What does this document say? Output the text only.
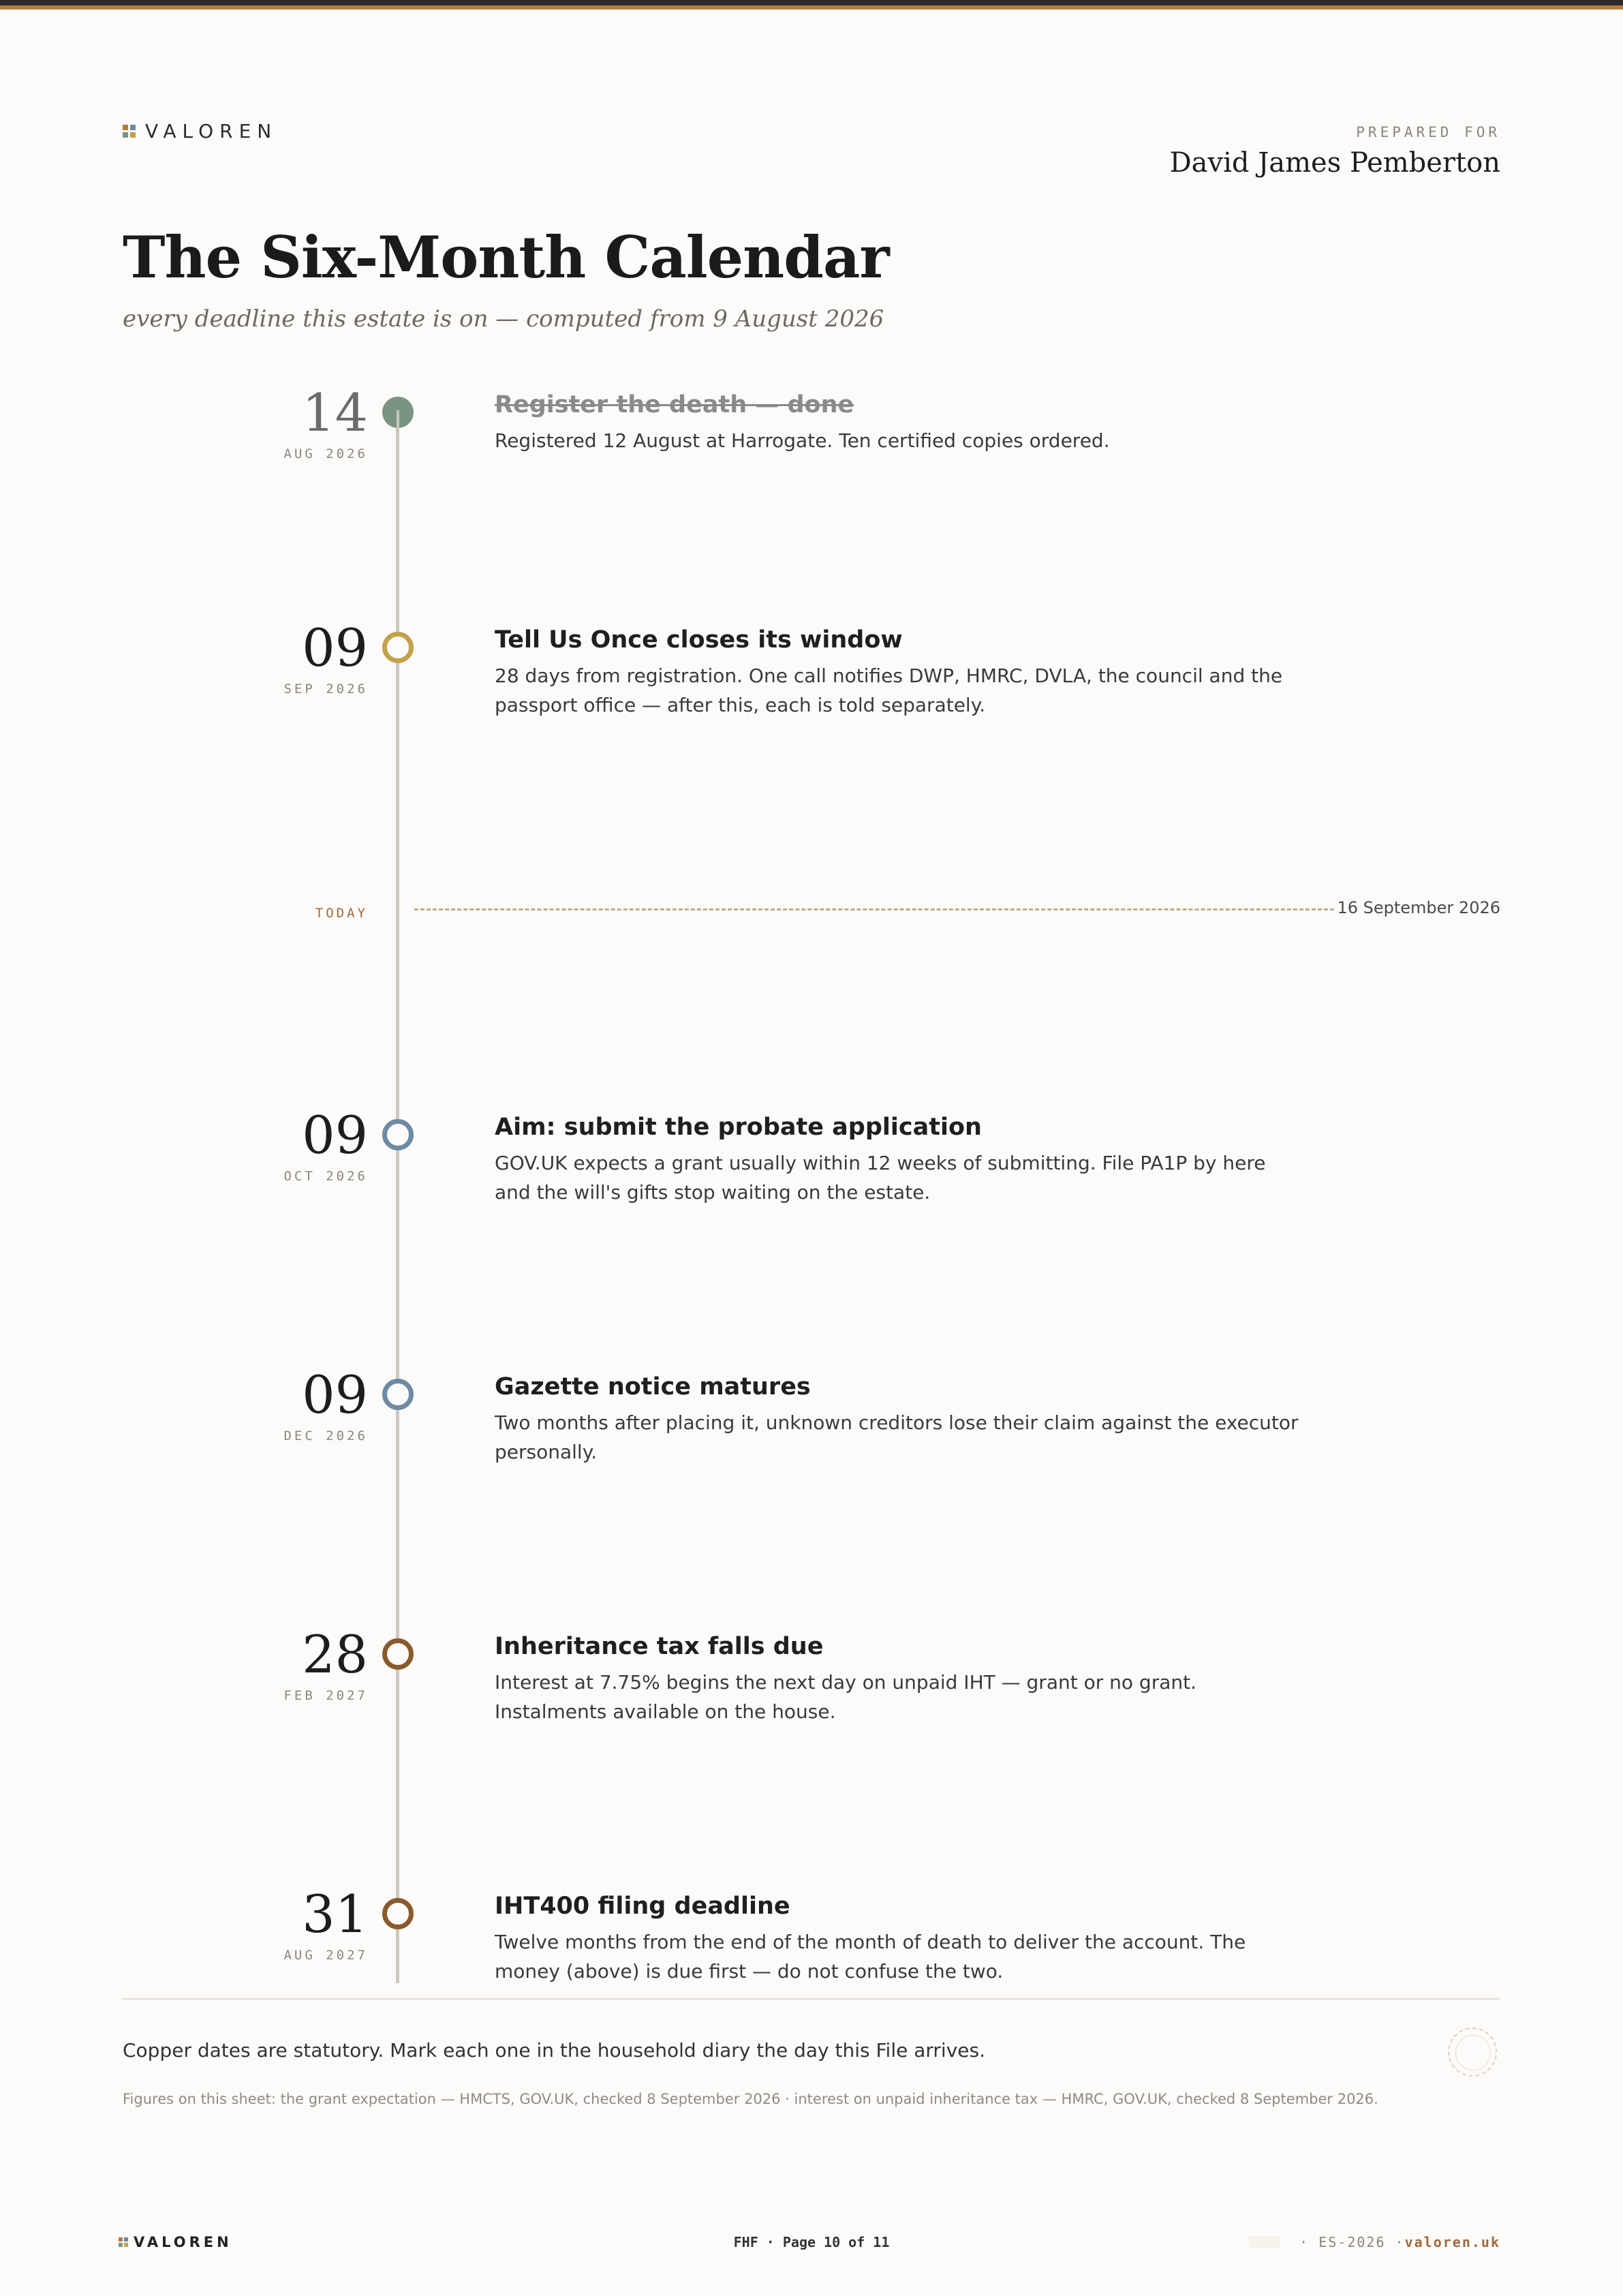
VALOREN	PREPARED FOR
David James Pemberton
The Six-Month Calendar
every deadline this estate is on — computed from 9 August 2026
14
AUG 2026
Register the death — done
Registered 12 August at Harrogate. Ten certified copies ordered.
09
SEP 2026
Tell Us Once closes its window
28 days from registration. One call notifies DWP, HMRC, DVLA, the council and the passport office — after this, each is told separately.
TODAY	16 September 2026
09
OCT 2026
Aim: submit the probate application
GOV.UK expects a grant usually within 12 weeks of submitting. File PA1P by here and the will's gifts stop waiting on the estate.
09
DEC 2026
Gazette notice matures
Two months after placing it, unknown creditors lose their claim against the executor personally.
28
FEB 2027
Inheritance tax falls due
Interest at 7.75% begins the next day on unpaid IHT — grant or no grant. Instalments available on the house.
31
AUG 2027
IHT400 filing deadline
Twelve months from the end of the month of death to deliver the account. The money (above) is due first — do not confuse the two.
Copper dates are statutory. Mark each one in the household diary the day this File arrives.
Figures on this sheet: the grant expectation — HMCTS, GOV.UK, checked 8 September 2026 · interest on unpaid inheritance tax — HMRC, GOV.UK, checked 8 September 2026.
VALOREN	FHF · Page 10 of 11	· ES-2026 · valoren.uk
